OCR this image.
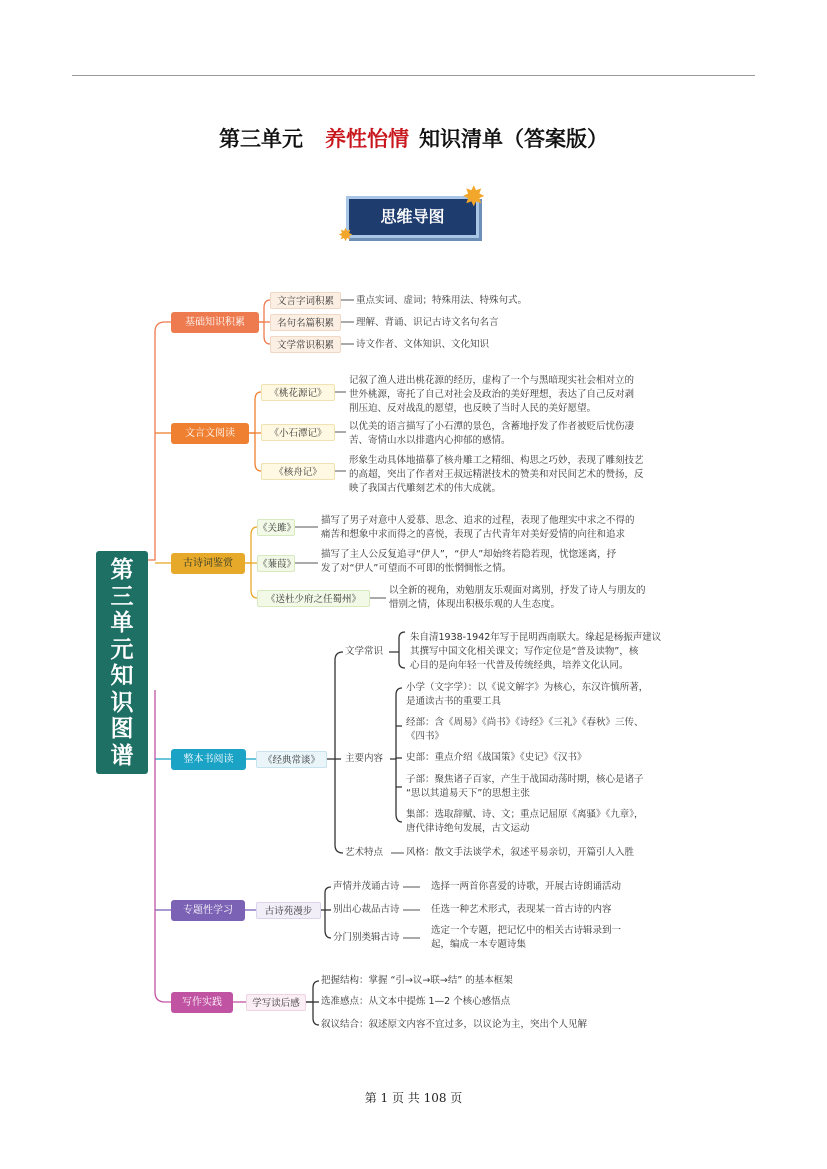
第三单元 养性怡情 知识清单（答案版）
思维导图
✸
✸
第
三
单
元
知
识
图
谱
基础知识积累
文言字词积累	重点实词、虚词；特殊用法、特殊句式。
名句名篇积累	理解、背诵、识记古诗文名句名言
文学常识积累	诗文作者、文体知识、文化知识
文言文阅读
《桃花源记》
记叙了渔人进出桃花源的经历，虚构了一个与黑暗现实社会相对立的
世外桃源，寄托了自己对社会及政治的美好理想，表达了自己反对剥
削压迫、反对战乱的愿望，也反映了当时人民的美好愿望。
《小石潭记》
以优美的语言描写了小石潭的景色，含蓄地抒发了作者被贬后忧伤凄
苦、寄情山水以排遣内心抑郁的感情。
《核舟记》
形象生动具体地描摹了核舟雕工之精细、构思之巧妙，表现了雕刻技艺
的高超，突出了作者对王叔远精湛技术的赞美和对民间艺术的赞扬，反
映了我国古代雕刻艺术的伟大成就。
古诗词鉴赏
《关雎》
描写了男子对意中人爱慕、思念、追求的过程，表现了他理实中求之不得的
痛苦和想象中求而得之的喜悦，表现了古代青年对美好爱情的向往和追求
《蒹葭》
描写了主人公反复追寻“伊人”，“伊人”却始终若隐若现，忧惚迷离，抒
发了对“伊人”可望而不可即的怅惘惆怅之情。
《送杜少府之任蜀州》
以全新的视角，劝勉朋友乐观面对离别，抒发了诗人与朋友的
惜别之情，体现出积极乐观的人生态度。
整本书阅读	《经典常谈》
文学常识
朱自清1938-1942年写于昆明西南联大。缘起是杨振声建议
其撰写中国文化相关课文；写作定位是“普及读物”，核
心目的是向年轻一代普及传统经典，培养文化认同。
主要内容
小学（文字学）：以《说文解字》为核心，东汉许慎所著，
是通读古书的重要工具
经部：含《周易》《尚书》《诗经》《三礼》《春秋》三传、
《四书》
史部：重点介绍《战国策》《史记》《汉书》
子部：聚焦诸子百家，产生于战国动荡时期，核心是诸子
“思以其道易天下”的思想主张
集部：选取辞赋、诗、文；重点记屈原《离骚》《九章》，
唐代律诗绝句发展，古文运动
艺术特点 风格：散文手法谈学术，叙述平易亲切，开篇引人入胜
专题性学习	古诗苑漫步
声情并茂诵古诗	选择一两首你喜爱的诗歌，开展古诗朗诵活动
别出心裁品古诗	任选一种艺术形式，表现某一首古诗的内容
分门别类辑古诗
选定一个专题，把记忆中的相关古诗辑录到一
起，编成一本专题诗集
写作实践	学写读后感
把握结构：掌握 “引→议→联→结” 的基本框架
选准感点：从文本中提炼 1—2 个核心感悟点
叙议结合：叙述原文内容不宜过多，以议论为主，突出个人见解
第 1 页 共 108 页
